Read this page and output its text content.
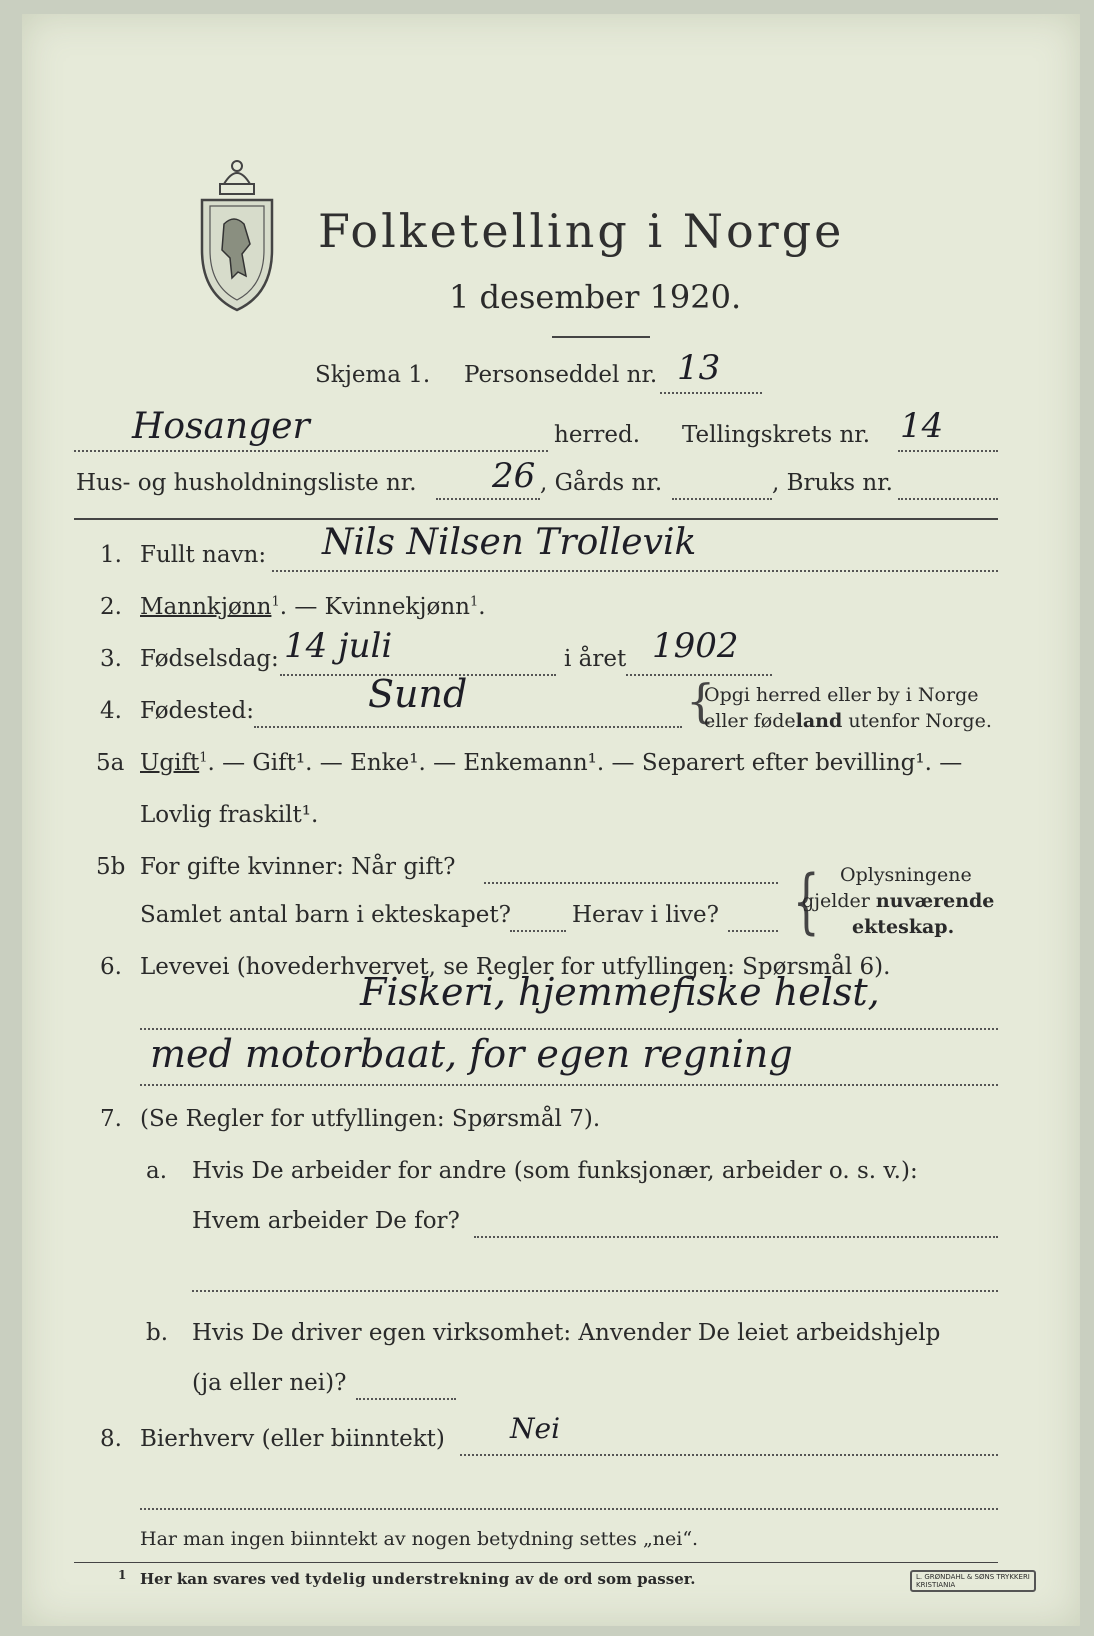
Folketelling i Norge
1 desember 1920.
Skjema 1. Personseddel nr. 13
Hosanger	herred. Tellingskrets nr. 14
Hus- og husholdningsliste nr. 26 , Gårds nr.	, Bruks nr.
1. Fullt navn: Nils Nilsen Trollevik
2. Mannkjønn$^1$. — Kvinnekjønn$^1$.
3. Fødselsdag: 14 juli	i året 1902
4. Fødested:	Sund	{
Opgi herred eller by i Norge
eller fødeland utenfor Norge.
5a Ugift$^1$. — Gift¹. — Enke¹. — Enkemann¹. — Separert efter bevilling¹. —
Lovlig fraskilt¹.
5b For gifte kvinner: Når gift?
Samlet antal barn i ekteskapet?	Herav i live? { Oplysningene
gjelder nuværende
ekteskap.
6. Levevei (hovederhvervet, se Regler for utfyllingen: Spørsmål 6).
Fiskeri, hjemmefiske helst,
med motorbaat, for egen regning
7. (Se Regler for utfyllingen: Spørsmål 7).
a. Hvis De arbeider for andre (som funksjonær, arbeider o. s. v.):
Hvem arbeider De for?
b. Hvis De driver egen virksomhet: Anvender De leiet arbeidshjelp
(ja eller nei)?
8. Bierhverv (eller biinntekt) Nei
Har man ingen biinntekt av nogen betydning settes „nei“.
1 Her kan svares ved tydelig understrekning av de ord som passer.	L. GRØNDAHL & SØNS TRYKKERI
KRISTIANIA
